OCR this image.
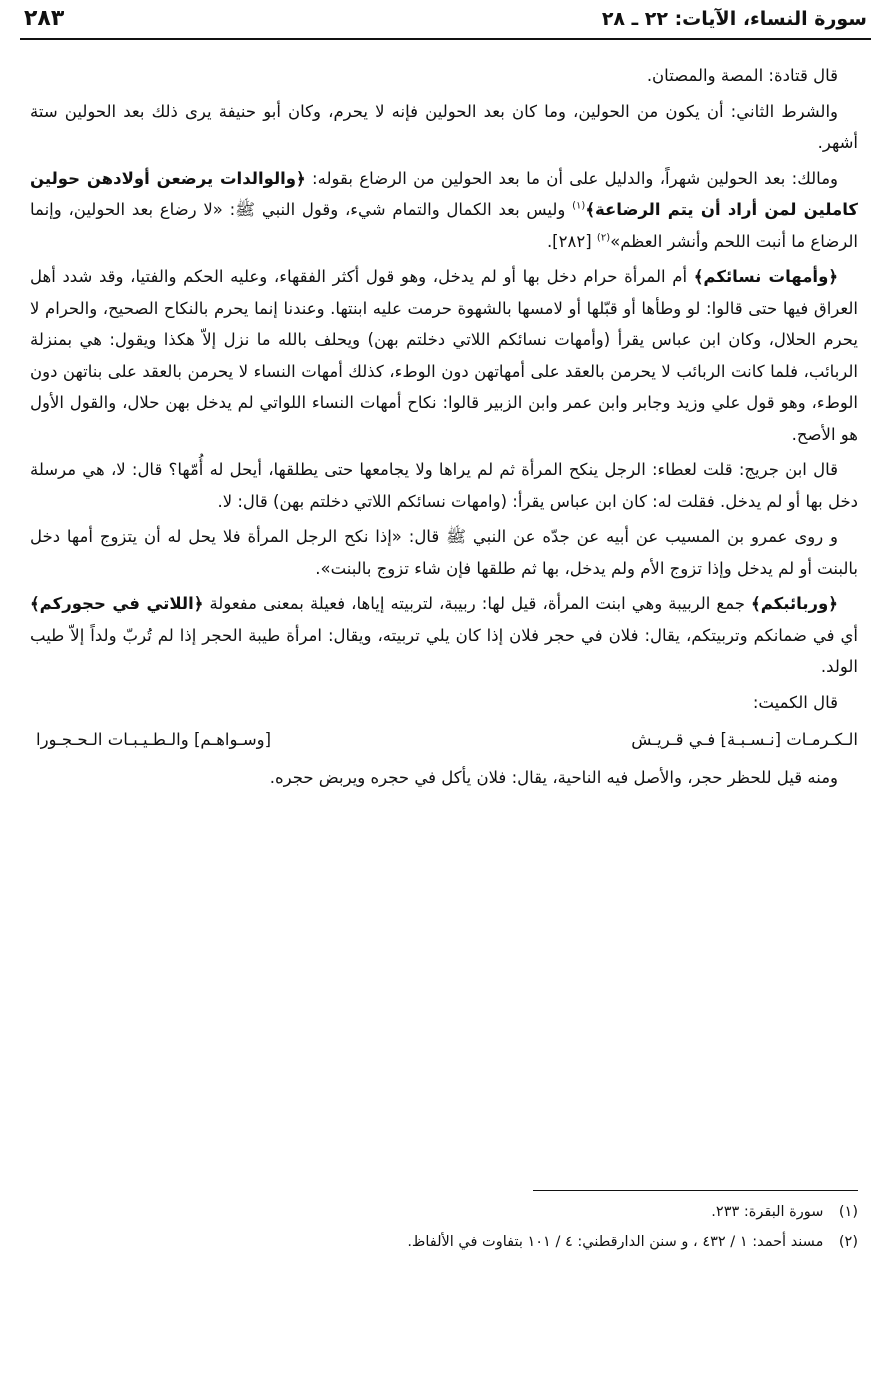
سورة النساء، الآيات: ٢٢ ـ ٢٨
٢٨٣

قال قتادة: المصة والمصتان.

والشرط الثاني: أن يكون من الحولين، وما كان بعد الحولين فإنه لا يحرم، وكان أبو حنيفة يرى ذلك بعد الحولين ستة أشهر.

ومالك: بعد الحولين شهراً، والدليل على أن ما بعد الحولين من الرضاع بقوله: ﴿والوالدات يرضعن أولادهن حولين كاملين لمن أراد أن يتم الرضاعة﴾$^{(١)}$ وليس بعد الكمال والتمام شيء، وقول النبي ﷺ: «لا رضاع بعد الحولين، وإنما الرضاع ما أنبت اللحم وأنشر العظم»$^{(٢)}$ [٢٨٢].

﴿وأمهات نسائكم﴾ أم المرأة حرام دخل بها أو لم يدخل، وهو قول أكثر الفقهاء، وعليه الحكم والفتيا، وقد شدد أهل العراق فيها حتى قالوا: لو وطأها أو قبّلها أو لامسها بالشهوة حرمت عليه ابنتها. وعندنا إنما يحرم بالنكاح الصحيح، والحرام لا يحرم الحلال، وكان ابن عباس يقرأ (وأمهات نسائكم اللاتي دخلتم بهن) ويحلف بالله ما نزل إلاّ هكذا ويقول: هي بمنزلة الربائب، فلما كانت الربائب لا يحرمن بالعقد على أمهاتهن دون الوطء، كذلك أمهات النساء لا يحرمن بالعقد على بناتهن دون الوطء، وهو قول علي وزيد وجابر وابن عمر وابن الزبير قالوا: نكاح أمهات النساء اللواتي لم يدخل بهن حلال، والقول الأول هو الأصح.

قال ابن جريج: قلت لعطاء: الرجل ينكح المرأة ثم لم يراها ولا يجامعها حتى يطلقها، أيحل له أُمّها؟ قال: لا، هي مرسلة دخل بها أو لم يدخل. فقلت له: كان ابن عباس يقرأ: (وامهات نسائكم اللاتي دخلتم بهن) قال: لا.

و روى عمرو بن المسيب عن أبيه عن جدّه عن النبي ﷺ قال: «إذا نكح الرجل المرأة فلا يحل له أن يتزوج أمها دخل بالبنت أو لم يدخل وإذا تزوج الأم ولم يدخل، بها ثم طلقها فإن شاء تزوج بالبنت».

﴿وربائبكم﴾ جمع الربيبة وهي ابنت المرأة، قيل لها: ربيبة، لتربيته إياها، فعيلة بمعنى مفعولة ﴿اللاتي في حجوركم﴾ أي في ضمانكم وتربيتكم، يقال: فلان في حجر فلان إذا كان يلي تربيته، ويقال: امرأة طيبة الحجر إذا لم تُربّ ولداً إلاّ طيب الولد.

قال الكميت:

الـكـرمـات [نـسـبـة] فـي قـريـش
[وسـواهـم] والـطـيـبـات الـحـجـورا

ومنه قيل للحظر حجر، والأصل فيه الناحية، يقال: فلان يأكل في حجره ويربض حجره.

(١) سورة البقرة: ٢٣٣.
(٢) مسند أحمد: ١ / ٤٣٢ ، و سنن الدارقطني: ٤ / ١٠١ بتفاوت في الألفاظ.
